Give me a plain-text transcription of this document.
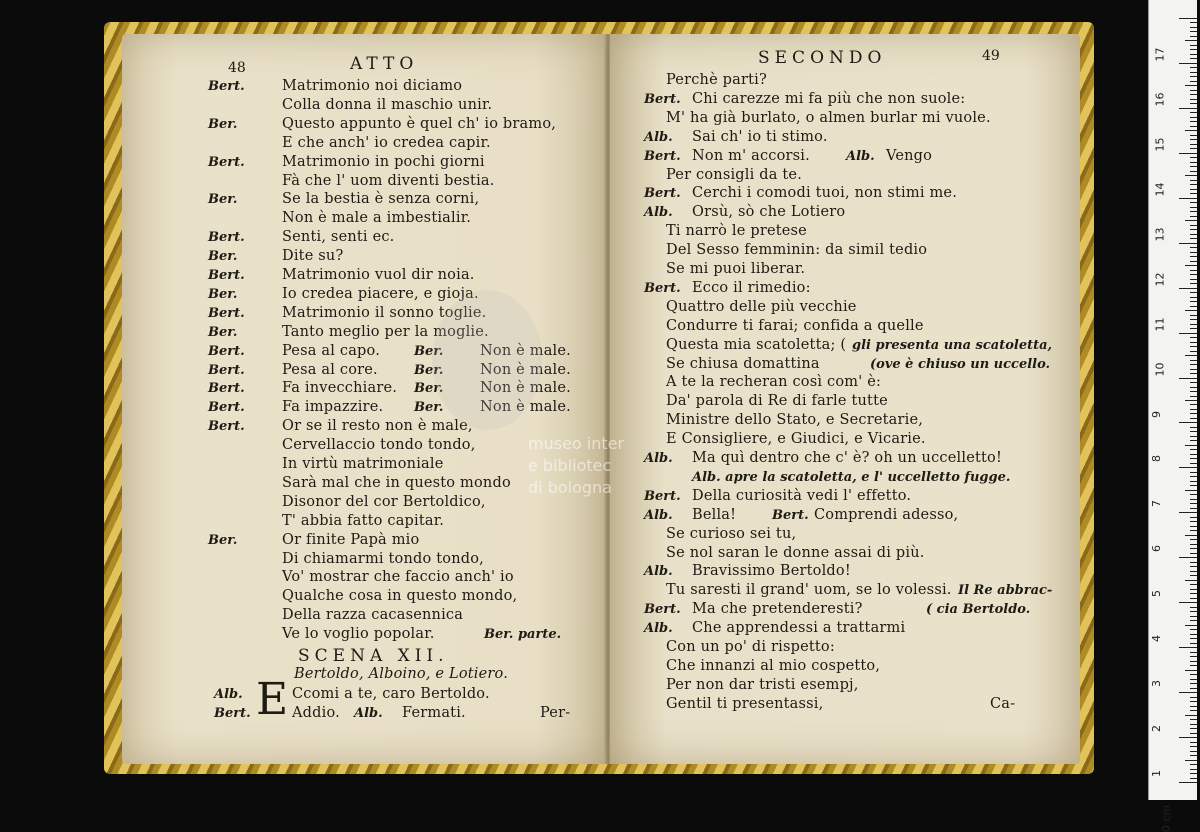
48	ATTO
Bert.	Matrimonio noi diciamo
Colla donna il maschio unir.
Ber.	Questo appunto è quel ch' io bramo,
E che anch' io credea capir.
Bert.	Matrimonio in pochi giorni
Fà che l' uom diventi bestia.
Ber.	Se la bestia è senza corni,
Non è male a imbestialir.
Bert.	Senti, senti ec.
Ber.	Dite su?
Bert.	Matrimonio vuol dir noia.
Ber.	Io credea piacere, e gioja.
Bert.	Matrimonio il sonno toglie.
Ber.	Tanto meglio per la moglie.
Bert.	Pesa al capo.	Ber.	Non è male.
Bert.	Pesa al core.	Ber.	Non è male.
Bert.	Fa invecchiare. Ber.	Non è male.
Bert.	Fa impazzire. Ber.	Non è male.
Bert.	Or se il resto non è male,
Cervellaccio tondo tondo,
In virtù matrimoniale
Sarà mal che in questo mondo
Disonor del cor Bertoldico,
T' abbia fatto capitar.
Ber.	Or finite Papà mio
Di chiamarmi tondo tondo,
Vo' mostrar che faccio anch' io
Qualche cosa in questo mondo,
Della razza cacasennica
Ve lo voglio popolar.	Ber. parte.
SCENA XII.
Bertoldo, Alboino, e Lotiero.
E
Alb.	Ccomi a te, caro Bertoldo.
Bert.	Addio. Alb. Fermati.	Per-
SECONDO	49
Perchè parti?
Bert. Chi carezze mi fa più che non suole:
M' ha già burlato, o almen burlar mi vuole.
Alb. Sai ch' io ti stimo.
Bert. Non m' accorsi.	Alb. Vengo
Per consigli da te.
Bert. Cerchi i comodi tuoi, non stimi me.
Alb. Orsù, sò che Lotiero
Ti narrò le pretese
Del Sesso femminin: da simil tedio
Se mi puoi liberar.
Bert. Ecco il rimedio:
Quattro delle più vecchie
Condurre ti farai; confida a quelle
Questa mia scatoletta; ( gli presenta una scatoletta,
Se chiusa domattina	(ove è chiuso un uccello.
A te la recheran così com' è:
Da' parola di Re di farle tutte
Ministre dello Stato, e Secretarie,
E Consigliere, e Giudici, e Vicarie.
Alb. Ma quì dentro che c' è? oh un uccelletto!
Alb. apre la scatoletta, e l' uccelletto fugge.
Bert. Della curiosità vedi l' effetto.
Alb. Bella!	Bert. Comprendi adesso,
Se curioso sei tu,
Se nol saran le donne assai di più.
Alb. Bravissimo Bertoldo!
Tu saresti il grand' uom, se lo volessi. Il Re abbrac-
Bert. Ma che pretenderesti?	( cia Bertoldo.
Alb. Che apprendessi a trattarmi
Con un po' di rispetto:
Che innanzi al mio cospetto,
Per non dar tristi esempj,
Gentil ti presentassi,	Ca-
museo inter
e bibliotec
di bologna
17
16
15
14
13
12
11
10
9
8
7
6
5
4
3
2
1
0 cm
